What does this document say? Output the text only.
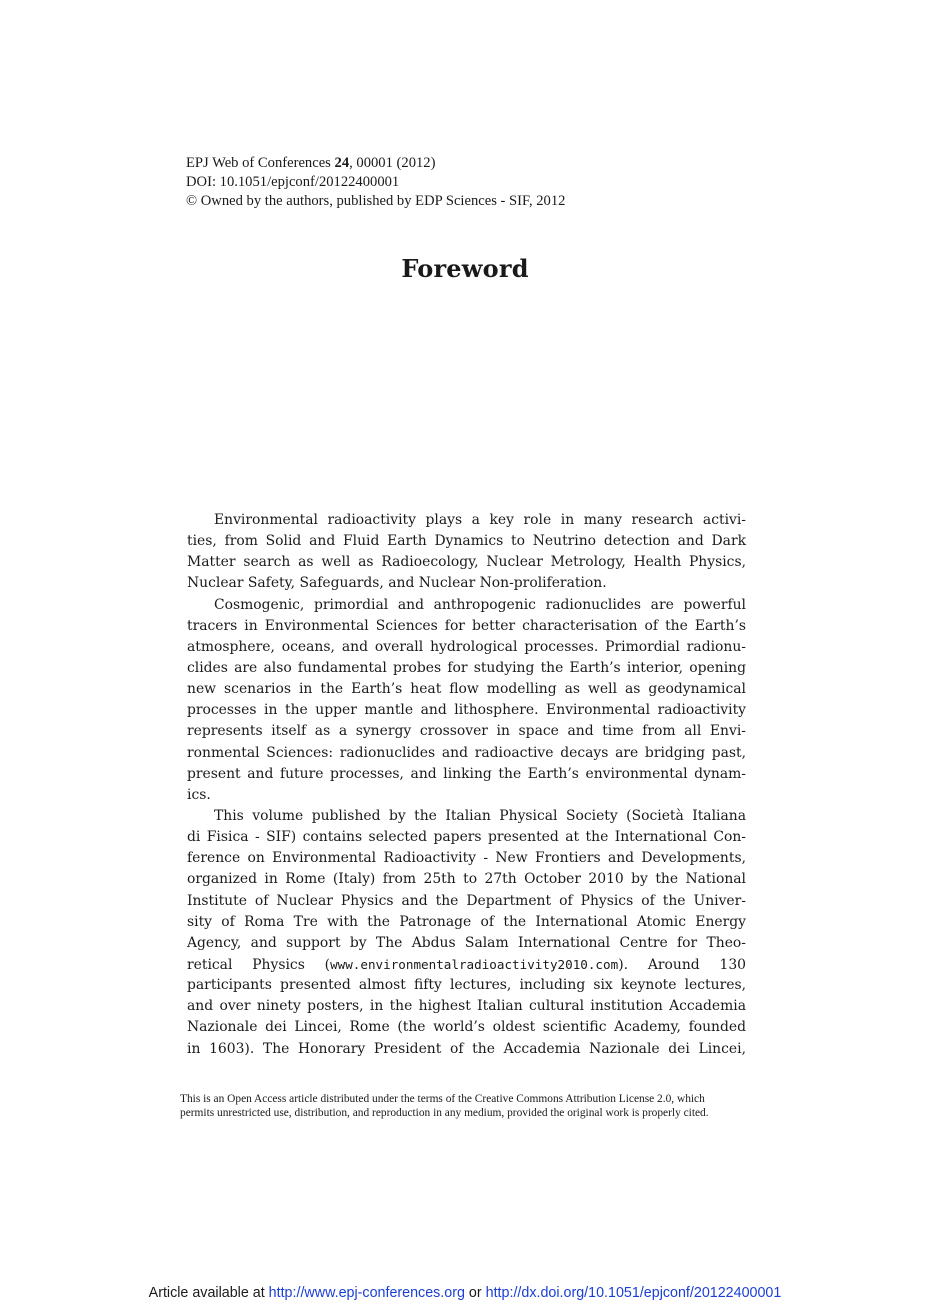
EPJ Web of Conferences 24, 00001 (2012)
DOI: 10.1051/epjconf/20122400001
© Owned by the authors, published by EDP Sciences - SIF, 2012
Foreword
Environmental radioactivity plays a key role in many research activi-
ties, from Solid and Fluid Earth Dynamics to Neutrino detection and Dark
Matter search as well as Radioecology, Nuclear Metrology, Health Physics,
Nuclear Safety, Safeguards, and Nuclear Non-proliferation.
Cosmogenic, primordial and anthropogenic radionuclides are powerful
tracers in Environmental Sciences for better characterisation of the Earth’s
atmosphere, oceans, and overall hydrological processes. Primordial radionu-
clides are also fundamental probes for studying the Earth’s interior, opening
new scenarios in the Earth’s heat flow modelling as well as geodynamical
processes in the upper mantle and lithosphere. Environmental radioactivity
represents itself as a synergy crossover in space and time from all Envi-
ronmental Sciences: radionuclides and radioactive decays are bridging past,
present and future processes, and linking the Earth’s environmental dynam-
ics.
This volume published by the Italian Physical Society (Società Italiana
di Fisica - SIF) contains selected papers presented at the International Con-
ference on Environmental Radioactivity - New Frontiers and Developments,
organized in Rome (Italy) from 25th to 27th October 2010 by the National
Institute of Nuclear Physics and the Department of Physics of the Univer-
sity of Roma Tre with the Patronage of the International Atomic Energy
Agency, and support by The Abdus Salam International Centre for Theo-
retical Physics (www.environmentalradioactivity2010.com). Around 130
participants presented almost fifty lectures, including six keynote lectures,
and over ninety posters, in the highest Italian cultural institution Accademia
Nazionale dei Lincei, Rome (the world’s oldest scientific Academy, founded
in 1603). The Honorary President of the Accademia Nazionale dei Lincei,
This is an Open Access article distributed under the terms of the Creative Commons Attribution License 2.0, which
permits unrestricted use, distribution, and reproduction in any medium, provided the original work is properly cited.
Article available at http://www.epj-conferences.org or http://dx.doi.org/10.1051/epjconf/20122400001
